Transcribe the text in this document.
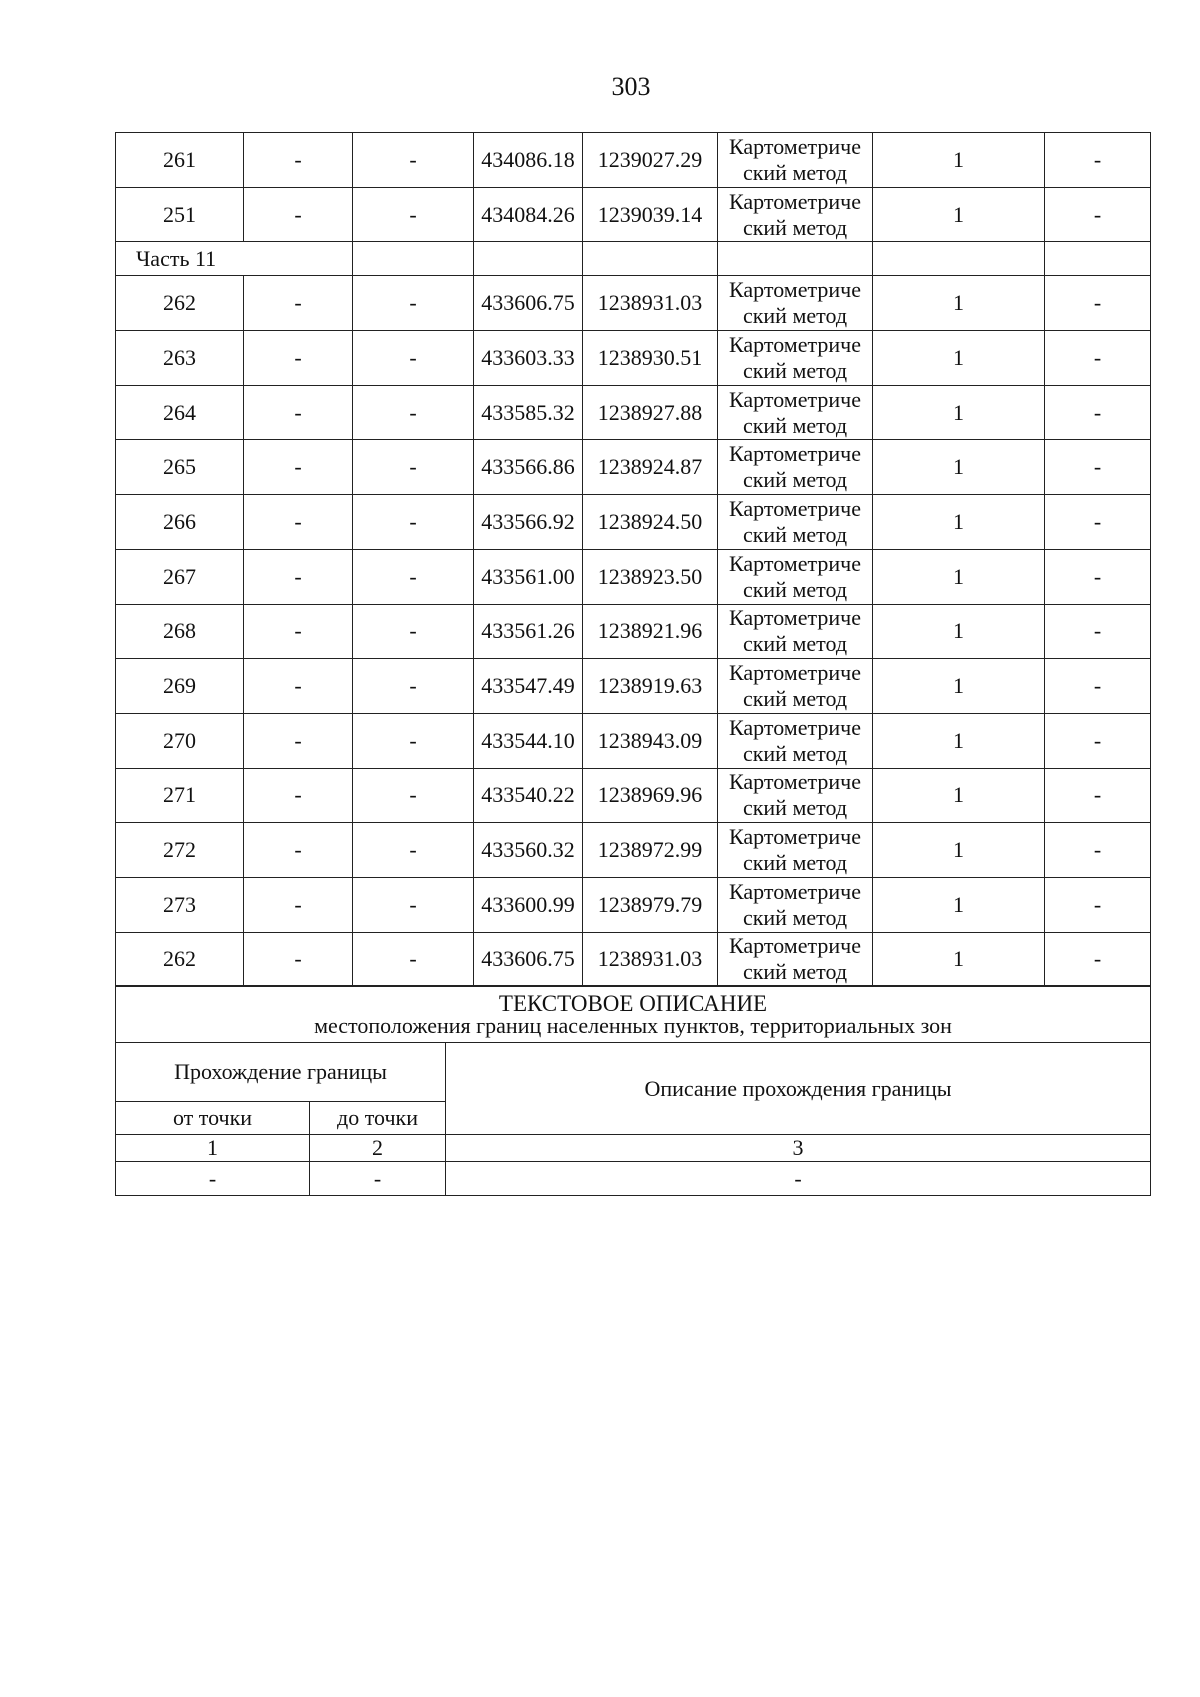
303
261	-	-	434086.18	1239027.29	Картометриче
ский метод	1	-
251	-	-	434084.26	1239039.14	Картометриче
ский метод	1	-
Часть 11							
262	-	-	433606.75	1238931.03	Картометриче
ский метод	1	-
263	-	-	433603.33	1238930.51	Картометриче
ский метод	1	-
264	-	-	433585.32	1238927.88	Картометриче
ский метод	1	-
265	-	-	433566.86	1238924.87	Картометриче
ский метод	1	-
266	-	-	433566.92	1238924.50	Картометриче
ский метод	1	-
267	-	-	433561.00	1238923.50	Картометриче
ский метод	1	-
268	-	-	433561.26	1238921.96	Картометриче
ский метод	1	-
269	-	-	433547.49	1238919.63	Картометриче
ский метод	1	-
270	-	-	433544.10	1238943.09	Картометриче
ский метод	1	-
271	-	-	433540.22	1238969.96	Картометриче
ский метод	1	-
272	-	-	433560.32	1238972.99	Картометриче
ский метод	1	-
273	-	-	433600.99	1238979.79	Картометриче
ский метод	1	-
262	-	-	433606.75	1238931.03	Картометриче
ский метод	1	-
ТЕКСТОВОЕ ОПИСАНИЕ
местоположения границ населенных пунктов, территориальных зон		

Прохождение границы		Описание прохождения границы
от точки	до точки	
1	2	3
-	-	-
